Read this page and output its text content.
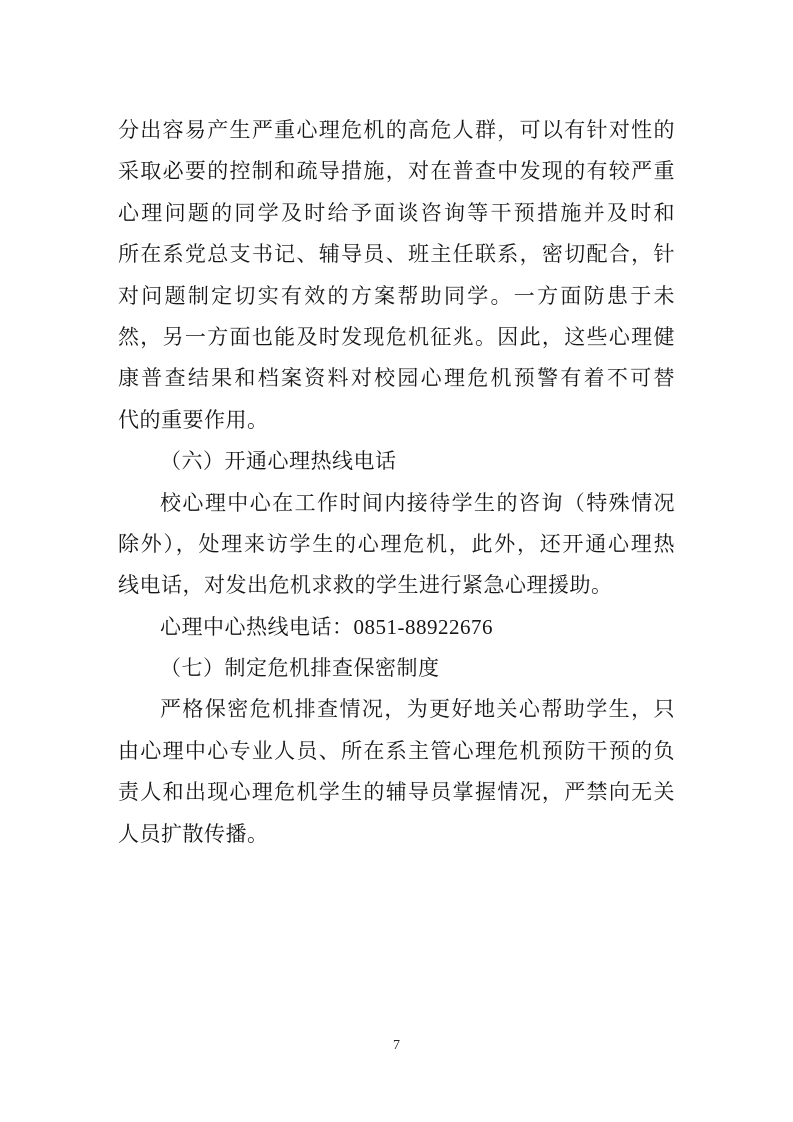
分出容易产生严重心理危机的高危人群，可以有针对性的
采取必要的控制和疏导措施，对在普查中发现的有较严重
心理问题的同学及时给予面谈咨询等干预措施并及时和
所在系党总支书记、辅导员、班主任联系，密切配合，针
对问题制定切实有效的方案帮助同学。一方面防患于未
然，另一方面也能及时发现危机征兆。因此，这些心理健
康普查结果和档案资料对校园心理危机预警有着不可替
代的重要作用。
（六）开通心理热线电话
校心理中心在工作时间内接待学生的咨询（特殊情况
除外），处理来访学生的心理危机，此外，还开通心理热
线电话，对发出危机求救的学生进行紧急心理援助。
心理中心热线电话：0851-88922676
（七）制定危机排查保密制度
严格保密危机排查情况，为更好地关心帮助学生，只
由心理中心专业人员、所在系主管心理危机预防干预的负
责人和出现心理危机学生的辅导员掌握情况，严禁向无关
人员扩散传播。
7
